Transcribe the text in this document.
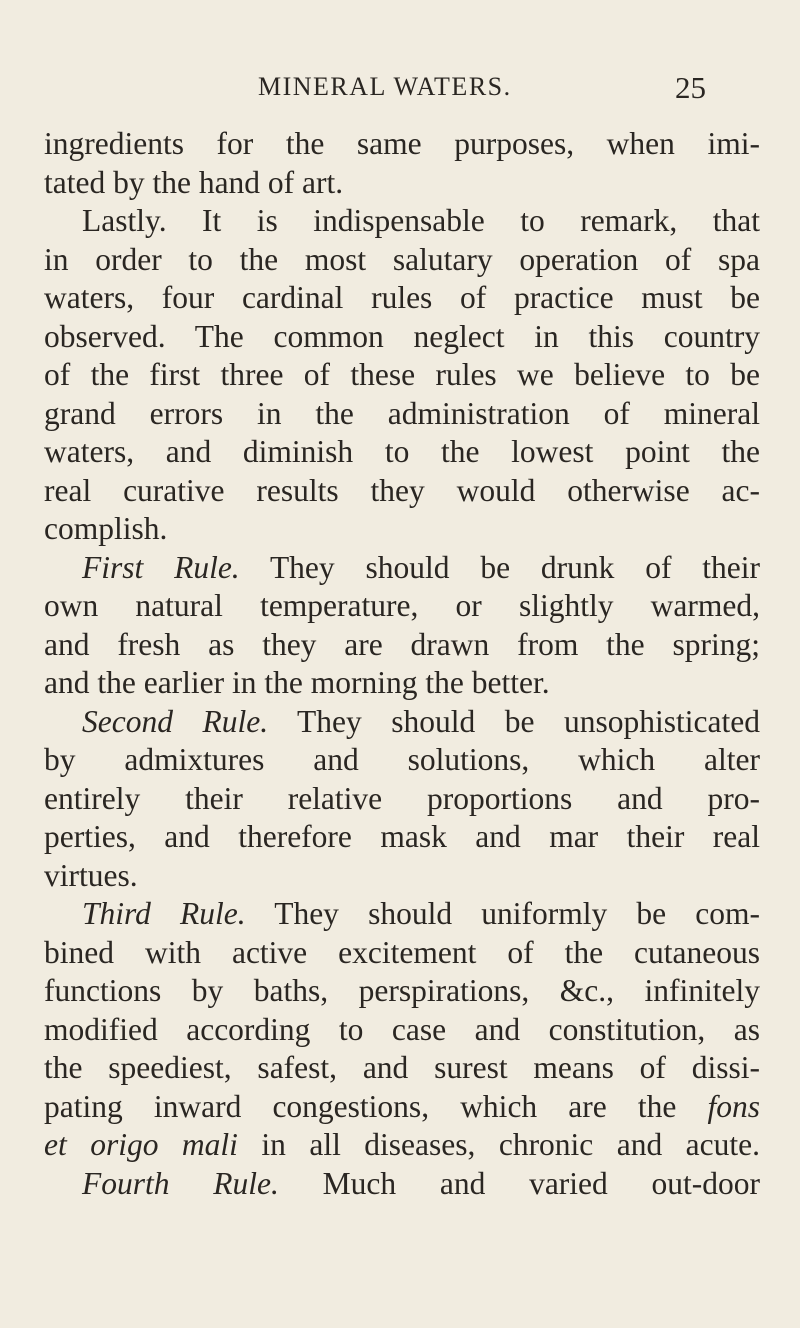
MINERAL WATERS.	25
ingredients for the same purposes, when imi-
tated by the hand of art.
Lastly. It is indispensable to remark, that
in order to the most salutary operation of spa
waters, four cardinal rules of practice must be
observed. The common neglect in this country
of the first three of these rules we believe to be
grand errors in the administration of mineral
waters, and diminish to the lowest point the
real curative results they would otherwise ac-
complish.
First Rule. They should be drunk of their
own natural temperature, or slightly warmed,
and fresh as they are drawn from the spring;
and the earlier in the morning the better.
Second Rule. They should be unsophisticated
by admixtures and solutions, which alter
entirely their relative proportions and pro-
perties, and therefore mask and mar their real
virtues.
Third Rule. They should uniformly be com-
bined with active excitement of the cutaneous
functions by baths, perspirations, &c., infinitely
modified according to case and constitution, as
the speediest, safest, and surest means of dissi-
pating inward congestions, which are the fons
et origo mali in all diseases, chronic and acute.
Fourth Rule. Much and varied out-door
